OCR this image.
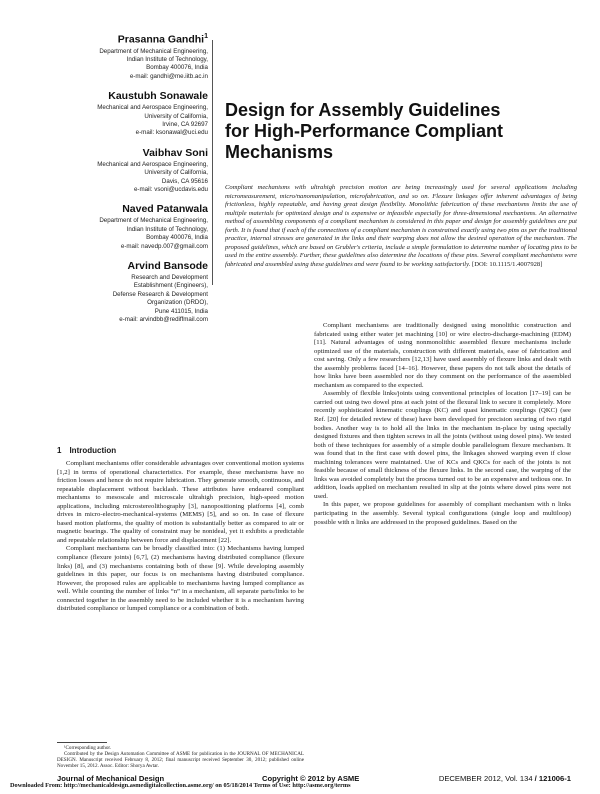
Prasanna Gandhi$^1$
Department of Mechanical Engineering,
Indian Institute of Technology,
Bombay 400076, India
e-mail: gandhi@me.iitb.ac.in
Kaustubh Sonawale
Mechanical and Aerospace Engineering,
University of California,
Irvine, CA 92697
e-mail: ksonawal@uci.edu
Vaibhav Soni
Mechanical and Aerospace Engineering,
University of California,
Davis, CA 95616
e-mail: vsoni@ucdavis.edu
Naved Patanwala
Department of Mechanical Engineering,
Indian Institute of Technology,
Bombay 400076, India
e-mail: navedp.007@gmail.com
Arvind Bansode
Research and Development
Establishment (Engineers),
Defense Research & Development
Organization (DRDO),
Pune 411015, India
e-mail: arvindbb@rediffmail.com
Design for Assembly Guidelines
for High-Performance Compliant
Mechanisms
Compliant mechanisms with ultrahigh precision motion are being increasingly used for several applications including micromeasurement, micro/nanomanipulation, microfabrication, and so on. Flexure linkages offer inherent advantages of being frictionless, highly repeatable, and having great design flexibility. Monolithic fabrication of these mechanisms limits the use of multiple materials for optimized design and is expensive or infeasible especially for three-dimensional mechanisms. An alternative method of assembling components of a compliant mechanism is considered in this paper and design for assembly guidelines are put forth. It is found that if each of the connections of a compliant mechanism is constrained exactly using two pins as per the traditional practice, internal stresses are generated in the links and their warping does not allow the desired operation of the mechanism. The proposed guidelines, which are based on Grubler's criteria, include a simple formulation to determine number of locating pins to be used in the entire assembly. Further, these guidelines also determine the locations of these pins. Several compliant mechanisms were fabricated and assembled using these guidelines and were found to be working satisfactorily. [DOI: 10.1115/1.4007928]
1 Introduction

Compliant mechanisms offer considerable advantages over conventional motion systems [1,2] in terms of operational characteristics. For example, these mechanisms have no friction losses and hence do not require lubrication. They generate smooth, continuous, and repeatable displacement without backlash. These attributes have endeared compliant mechanisms to mesoscale and microscale ultrahigh precision, high-speed motion applications, including microstereolithography [3], nanopositioning platforms [4], comb drives in micro-electro-mechanical-systems (MEMS) [5], and so on. In case of flexure based motion platforms, the quality of motion is substantially better as compared to air or magnetic bearings. The quality of constraint may be nonideal, yet it exhibits a predictable and repeatable relationship between force and displacement [22].

Compliant mechanisms can be broadly classified into: (1) Mechanisms having lumped compliance (flexure joints) [6,7], (2) mechanisms having distributed compliance (flexure links) [8], and (3) mechanisms containing both of these [9]. While developing assembly guidelines in this paper, our focus is on mechanisms having distributed compliance. However, the proposed rules are applicable to mechanisms having lumped compliance as well. While counting the number of links “n” in a mechanism, all separate parts/links to be connected together in the assembly need to be included whether it is a mechanism having distributed compliance or lumped compliance or a combination of both.

¹Corresponding author.

Contributed by the Design Automation Committee of ASME for publication in the JOURNAL OF MECHANICAL DESIGN. Manuscript received February 8, 2012; final manuscript received September 30, 2012; published online November 15, 2012. Assoc. Editor: Shorya Awtar.

Compliant mechanisms are traditionally designed using monolithic construction and fabricated using either water jet machining [10] or wire electro-discharge-machining (EDM) [11]. Natural advantages of using nonmonolithic assembled flexure mechanisms include optimized use of the materials, construction with different materials, ease of fabrication and cost saving. Only a few researchers [12,13] have used assembly of flexure links and dealt with the assembly problems faced [14–16]. However, these papers do not talk about the details of how links have been assembled nor do they comment on the performance of the assembled mechanism as compared to the expected.

Assembly of flexible links/joints using conventional principles of location [17–19] can be carried out using two dowel pins at each joint of the flexural link to secure it completely. More recently sophisticated kinematic couplings (KC) and quasi kinematic couplings (QKC) (see Ref. [20] for detailed review of these) have been developed for precision securing of two rigid bodies. Another way is to hold all the links in the mechanism in-place by using specially designed fixtures and then tighten screws in all the joints (without using dowel pins). We tested both of these techniques for assembly of a simple double parallelogram flexure mechanism. It was found that in the first case with dowel pins, the linkages showed warping even if close machining tolerances were maintained. Use of KCs and QKCs for each of the joints is not feasible because of small thickness of the flexure links. In the second case, the warping of the links was avoided completely but the process turned out to be an expensive and tedious one. In addition, loads applied on mechanism resulted in slip at the joints where dowel pins were not used.

In this paper, we propose guidelines for assembly of compliant mechanism with n links participating in the assembly. Several typical configurations (single loop and multiloop) possible with n links are addressed in the proposed guidelines. Based on the

Journal of Mechanical Design	Copyright © 2012 by ASME	DECEMBER 2012, Vol. 134 / 121006-1
Downloaded From: http://mechanicaldesign.asmedigitalcollection.asme.org/ on 05/18/2014 Terms of Use: http://asme.org/terms
